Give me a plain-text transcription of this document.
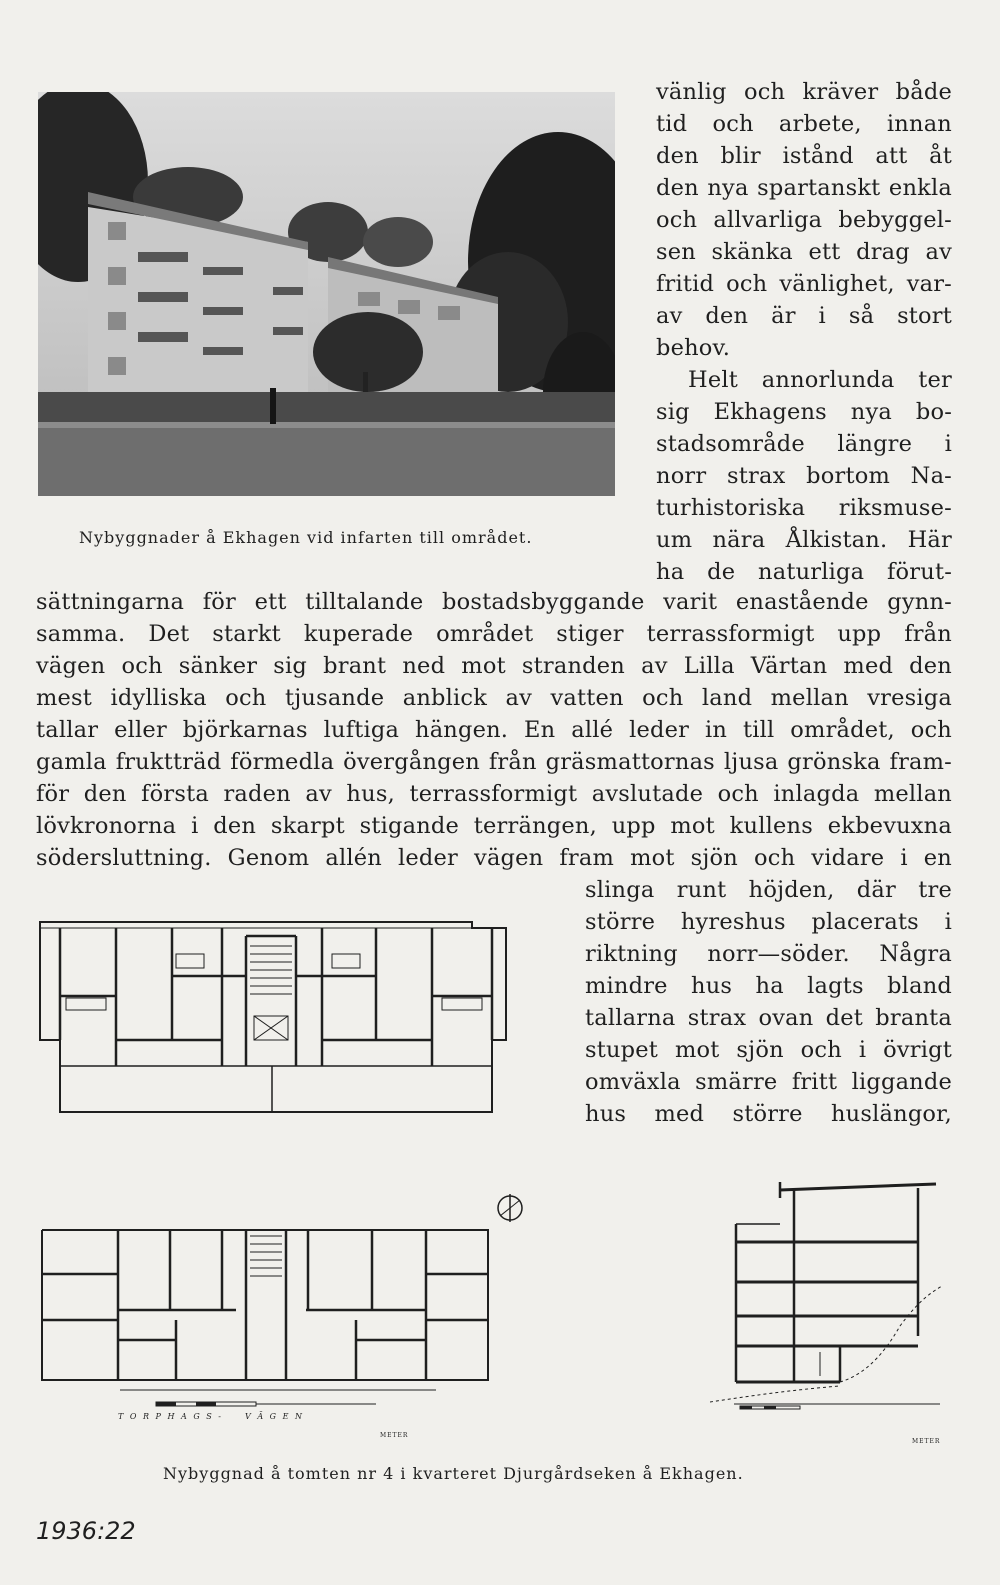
Nybyggnader å Ekhagen vid infarten till området.
vänlig och kräver både
tid och arbete, innan
den blir istånd att åt
den nya spartanskt enkla
och allvarliga bebyggel-
sen skänka ett drag av
fritid och vänlighet, var-
av den är i så stort
behov.
Helt annorlunda ter
sig Ekhagens nya bo-
stadsområde längre i
norr strax bortom Na-
turhistoriska riksmuse-
um nära Ålkistan. Här
ha de naturliga förut-
sättningarna för ett tilltalande bostadsbyggande varit enastående gynn-
samma. Det starkt kuperade området stiger terrassformigt upp från
vägen och sänker sig brant ned mot stranden av Lilla Värtan med den
mest idylliska och tjusande anblick av vatten och land mellan vresiga
tallar eller björkarnas luftiga hängen. En allé leder in till området, och
gamla fruktträd förmedla övergången från gräsmattornas ljusa grönska fram-
för den första raden av hus, terrassformigt avslutade och inlagda mellan
lövkronorna i den skarpt stigande terrängen, upp mot kullens ekbevuxna
södersluttning. Genom allén leder vägen fram mot sjön och vidare i en
slinga runt höjden, där tre
större hyreshus placerats i
riktning norr—söder. Några
mindre hus ha lagts bland
tallarna strax ovan det branta
stupet mot sjön och i övrigt
omväxla smärre fritt liggande
hus med större huslängor,
T O R P H A G S -	V Ä G E N
METER
METER
Nybyggnad å tomten nr 4 i kvarteret Djurgårdseken å Ekhagen.
1936:22
